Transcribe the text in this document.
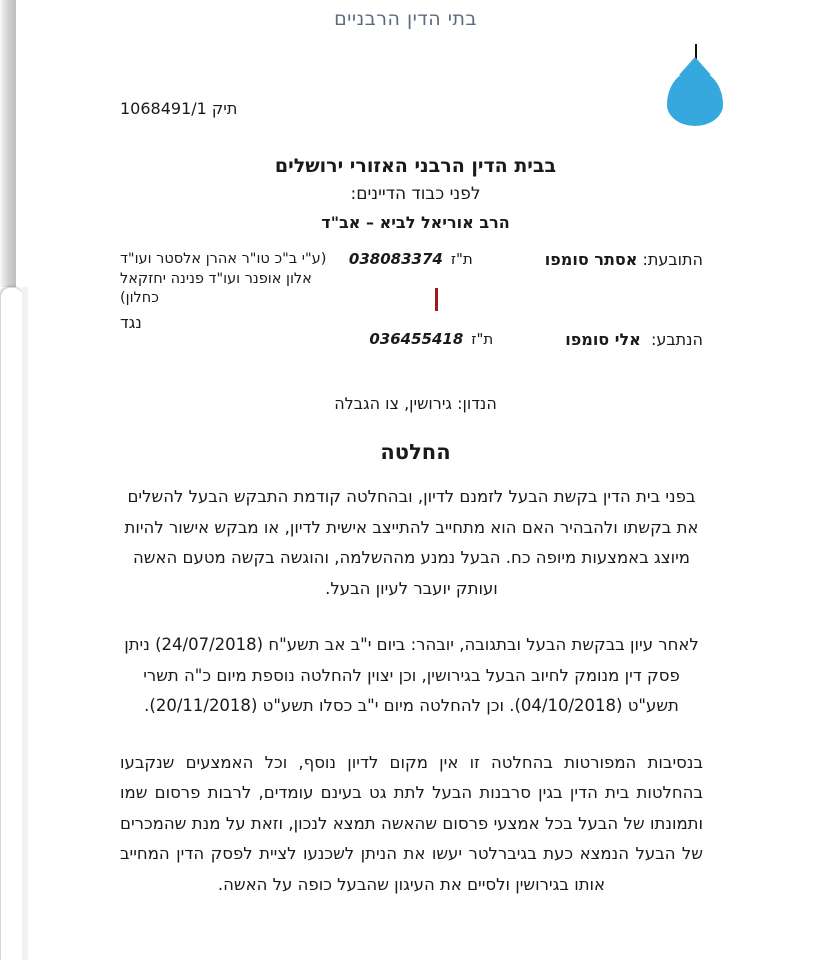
בתי הדין הרבניים
תיק 1068491/1
בבית הדין הרבני האזורי ירושלים
לפני כבוד הדיינים:
הרב אוריאל לביא – אב"ד
התובעת: אסתר סומפו
ת"ז038083374
(ע"י ב"כ טו"ר אהרן אלסטר ועו"ד אלון אופנר ועו"ד פנינה יחזקאל כחלון)
נגד
הנתבע:  אלי סומפו
ת"ז036455418
הנדון: גירושין, צו הגבלה
החלטה

בפני בית הדין בקשת הבעל לזמנם לדיון, ובהחלטה קודמת התבקש הבעל להשלים את בקשתו ולהבהיר האם הוא מתחייב להתייצב אישית לדיון, או מבקש אישור להיות מיוצג באמצעות מיופה כח. הבעל נמנע מההשלמה, והוגשה בקשה מטעם האשה ועותק יועבר לעיון הבעל.

לאחר עיון בבקשת הבעל ובתגובה, יובהר: ביום י"ב אב תשע"ח (24/07/2018) ניתן פסק דין מנומק לחיוב הבעל בגירושין, וכן יצוין להחלטה נוספת מיום כ"ה תשרי תשע"ט (04/10/2018). וכן להחלטה מיום י"ב כסלו תשע"ט (20/11/2018).

בנסיבות המפורטות בהחלטה זו אין מקום לדיון נוסף, וכל האמצעים שנקבעו בהחלטות בית הדין בגין סרבנות הבעל לתת גט בעינם עומדים, לרבות פרסום שמו ותמונתו של הבעל בכל אמצעי פרסום שהאשה תמצא לנכון, וזאת על מנת שהמכרים של הבעל הנמצא כעת בגיברלטר יעשו את הניתן לשכנעו לציית לפסק הדין המחייב אותו בגירושין ולסיים את העיגון שהבעל כופה על האשה.
